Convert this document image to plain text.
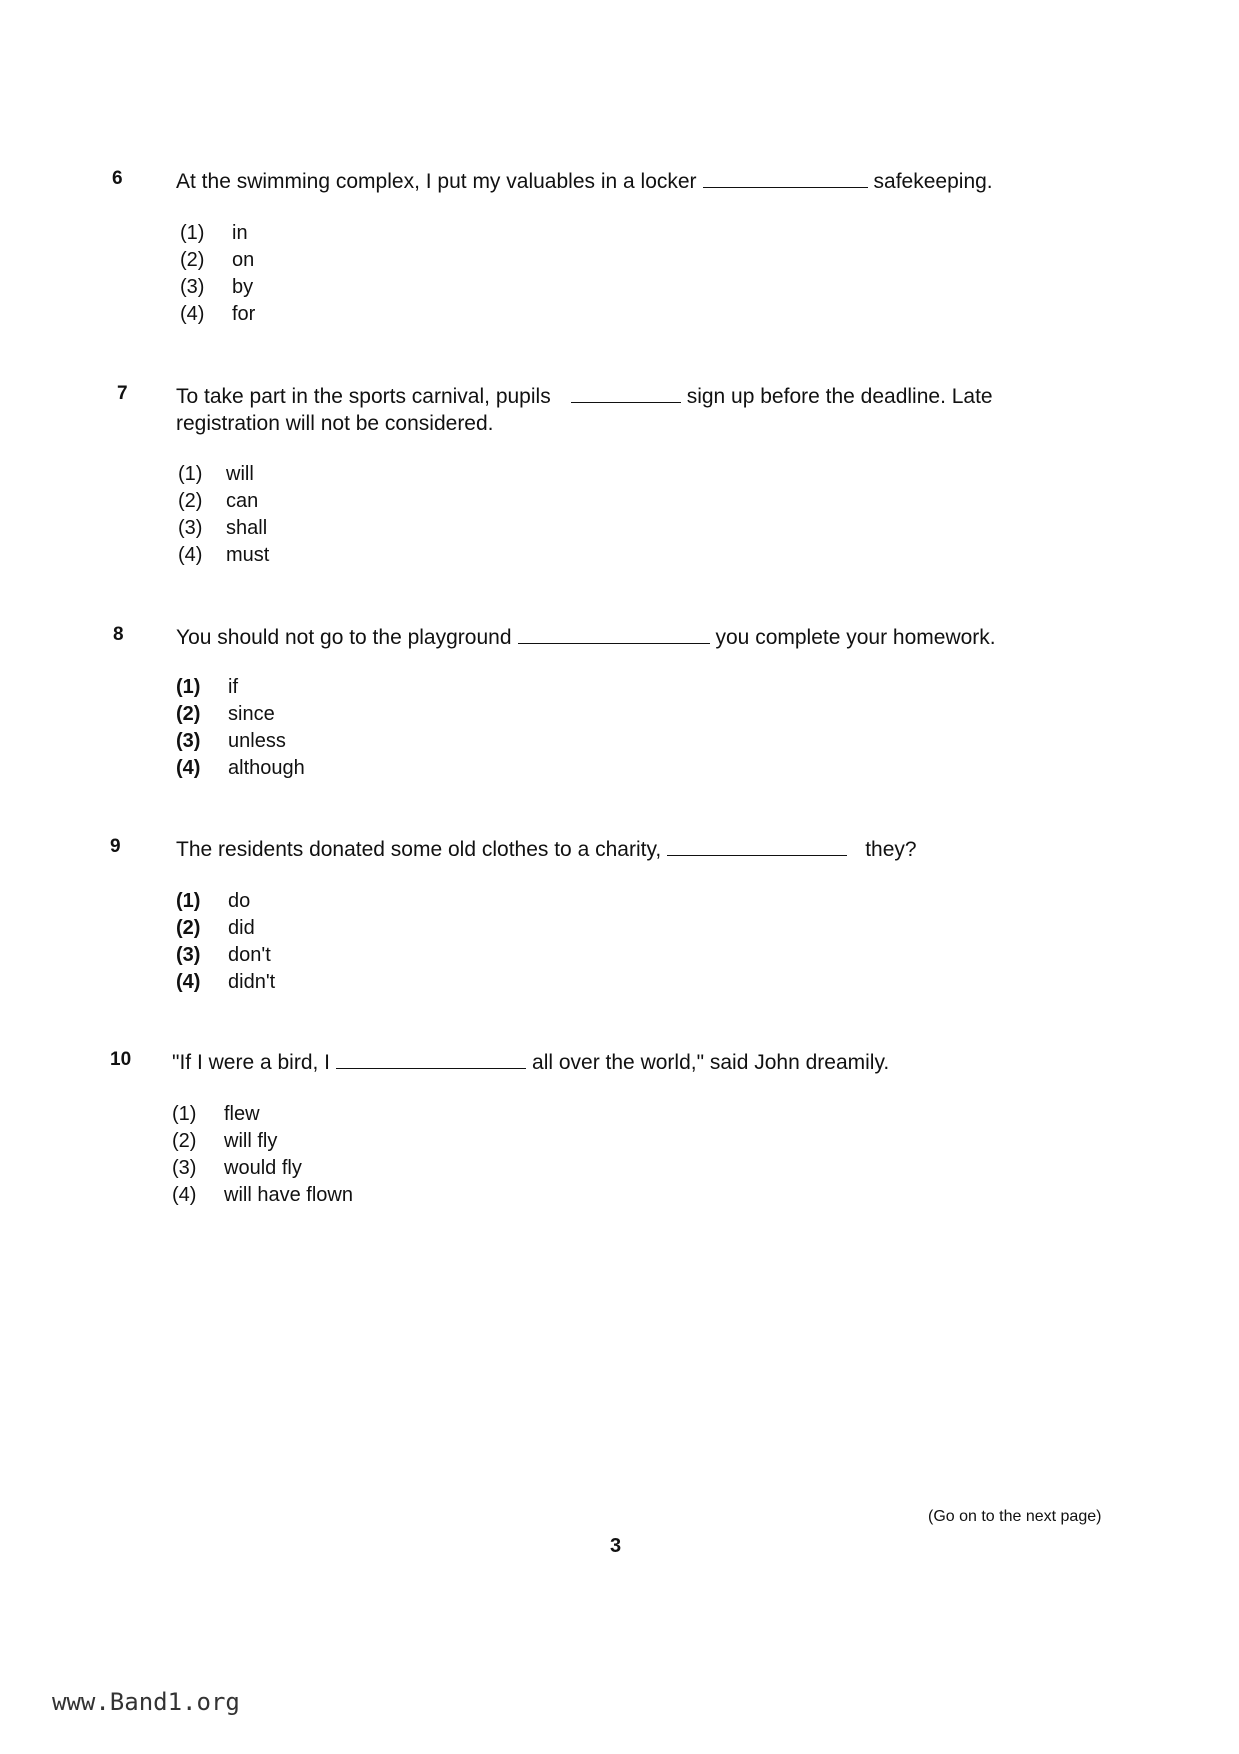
6	At the swimming complex, I put my valuables in a locker	safekeeping.
(1)	in
(2)	on
(3)	by
(4)	for
7 To take part in the sports carnival, pupils	sign up before the deadline. Late
registration will not be considered.
(1)	will
(2)	can
(3)	shall
(4)	must
8 You should not go to the playground	you complete your homework.
(1)	if
(2)	since
(3)	unless
(4)	although
9	The residents donated some old clothes to a charity,	they?
(1)	do
(2)	did
(3)	don't
(4)	didn't
10 "If I were a bird, I	all over the world," said John dreamily.
(1)	flew
(2)	will fly
(3)	would fly
(4)	will have flown
(Go on to the next page)
3
www.Band1.org
